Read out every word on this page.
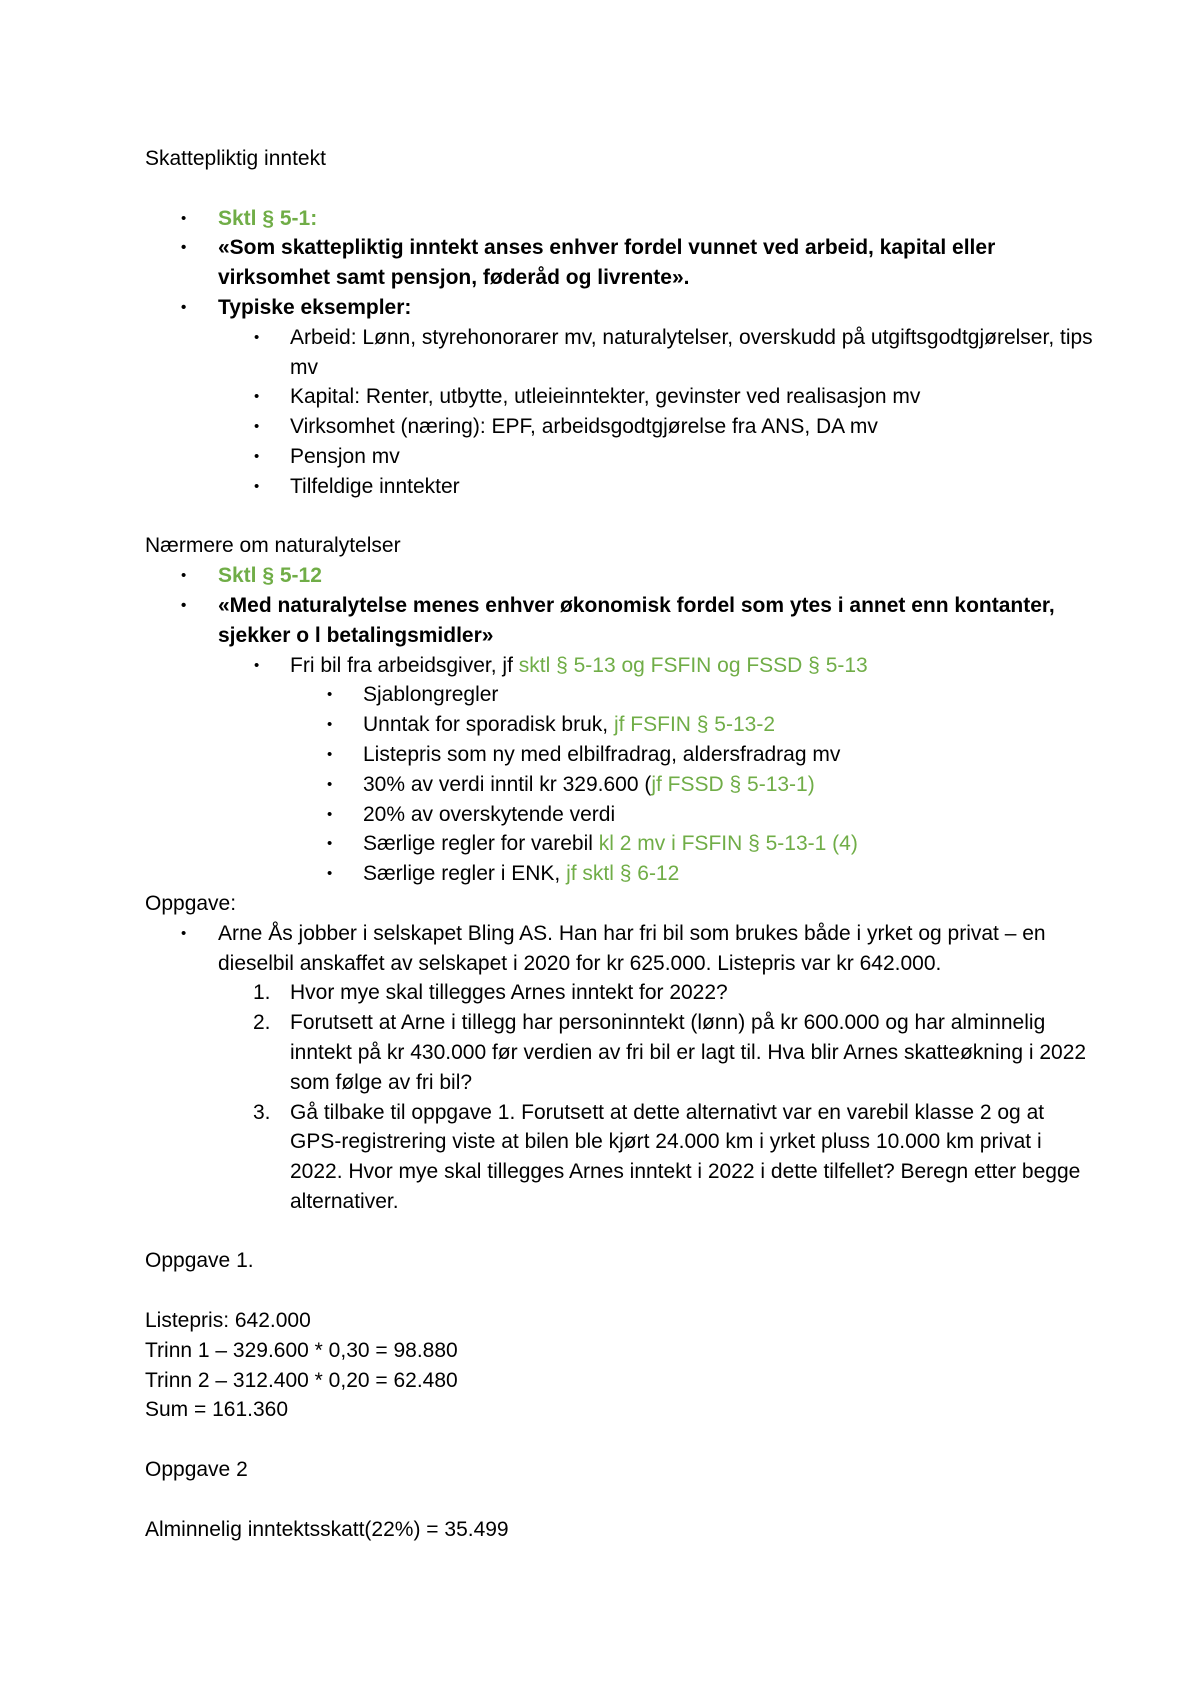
Skattepliktig inntekt

• Sktl § 5-1:
• «Som skattepliktig inntekt anses enhver fordel vunnet ved arbeid, kapital eller virksomhet samt pensjon, føderåd og livrente».
• Typiske eksempler:
• Arbeid: Lønn, styrehonorarer mv, naturalytelser, overskudd på utgiftsgodtgjørelser, tips mv
• Kapital: Renter, utbytte, utleieinntekter, gevinster ved realisasjon mv
• Virksomhet (næring): EPF, arbeidsgodtgjørelse fra ANS, DA mv
• Pensjon mv
• Tilfeldige inntekter

Nærmere om naturalytelser

• Sktl § 5-12
• «Med naturalytelse menes enhver økonomisk fordel som ytes i annet enn kontanter, sjekker o l betalingsmidler»
• Fri bil fra arbeidsgiver, jf sktl § 5-13 og FSFIN og FSSD § 5-13
• Sjablongregler
• Unntak for sporadisk bruk, jf FSFIN § 5-13-2
• Listepris som ny med elbilfradrag, aldersfradrag mv
• 30% av verdi inntil kr 329.600 (jf FSSD § 5-13-1)
• 20% av overskytende verdi
• Særlige regler for varebil kl 2 mv i FSFIN § 5-13-1 (4)
• Særlige regler i ENK, jf sktl § 6-12

Oppgave:

• Arne Ås jobber i selskapet Bling AS. Han har fri bil som brukes både i yrket og privat – en dieselbil anskaffet av selskapet i 2020 for kr 625.000. Listepris var kr 642.000.
1. Hvor mye skal tillegges Arnes inntekt for 2022?
2. Forutsett at Arne i tillegg har personinntekt (lønn) på kr 600.000 og har alminnelig inntekt på kr 430.000 før verdien av fri bil er lagt til. Hva blir Arnes skatteøkning i 2022 som følge av fri bil?
3. Gå tilbake til oppgave 1. Forutsett at dette alternativt var en varebil klasse 2 og at GPS-registrering viste at bilen ble kjørt 24.000 km i yrket pluss 10.000 km privat i 2022. Hvor mye skal tillegges Arnes inntekt i 2022 i dette tilfellet? Beregn etter begge alternativer.

Oppgave 1.

Listepris: 642.000
Trinn 1 – 329.600 * 0,30 = 98.880
Trinn 2 – 312.400 * 0,20 = 62.480
Sum = 161.360

Oppgave 2

Alminnelig inntektsskatt(22%) = 35.499
